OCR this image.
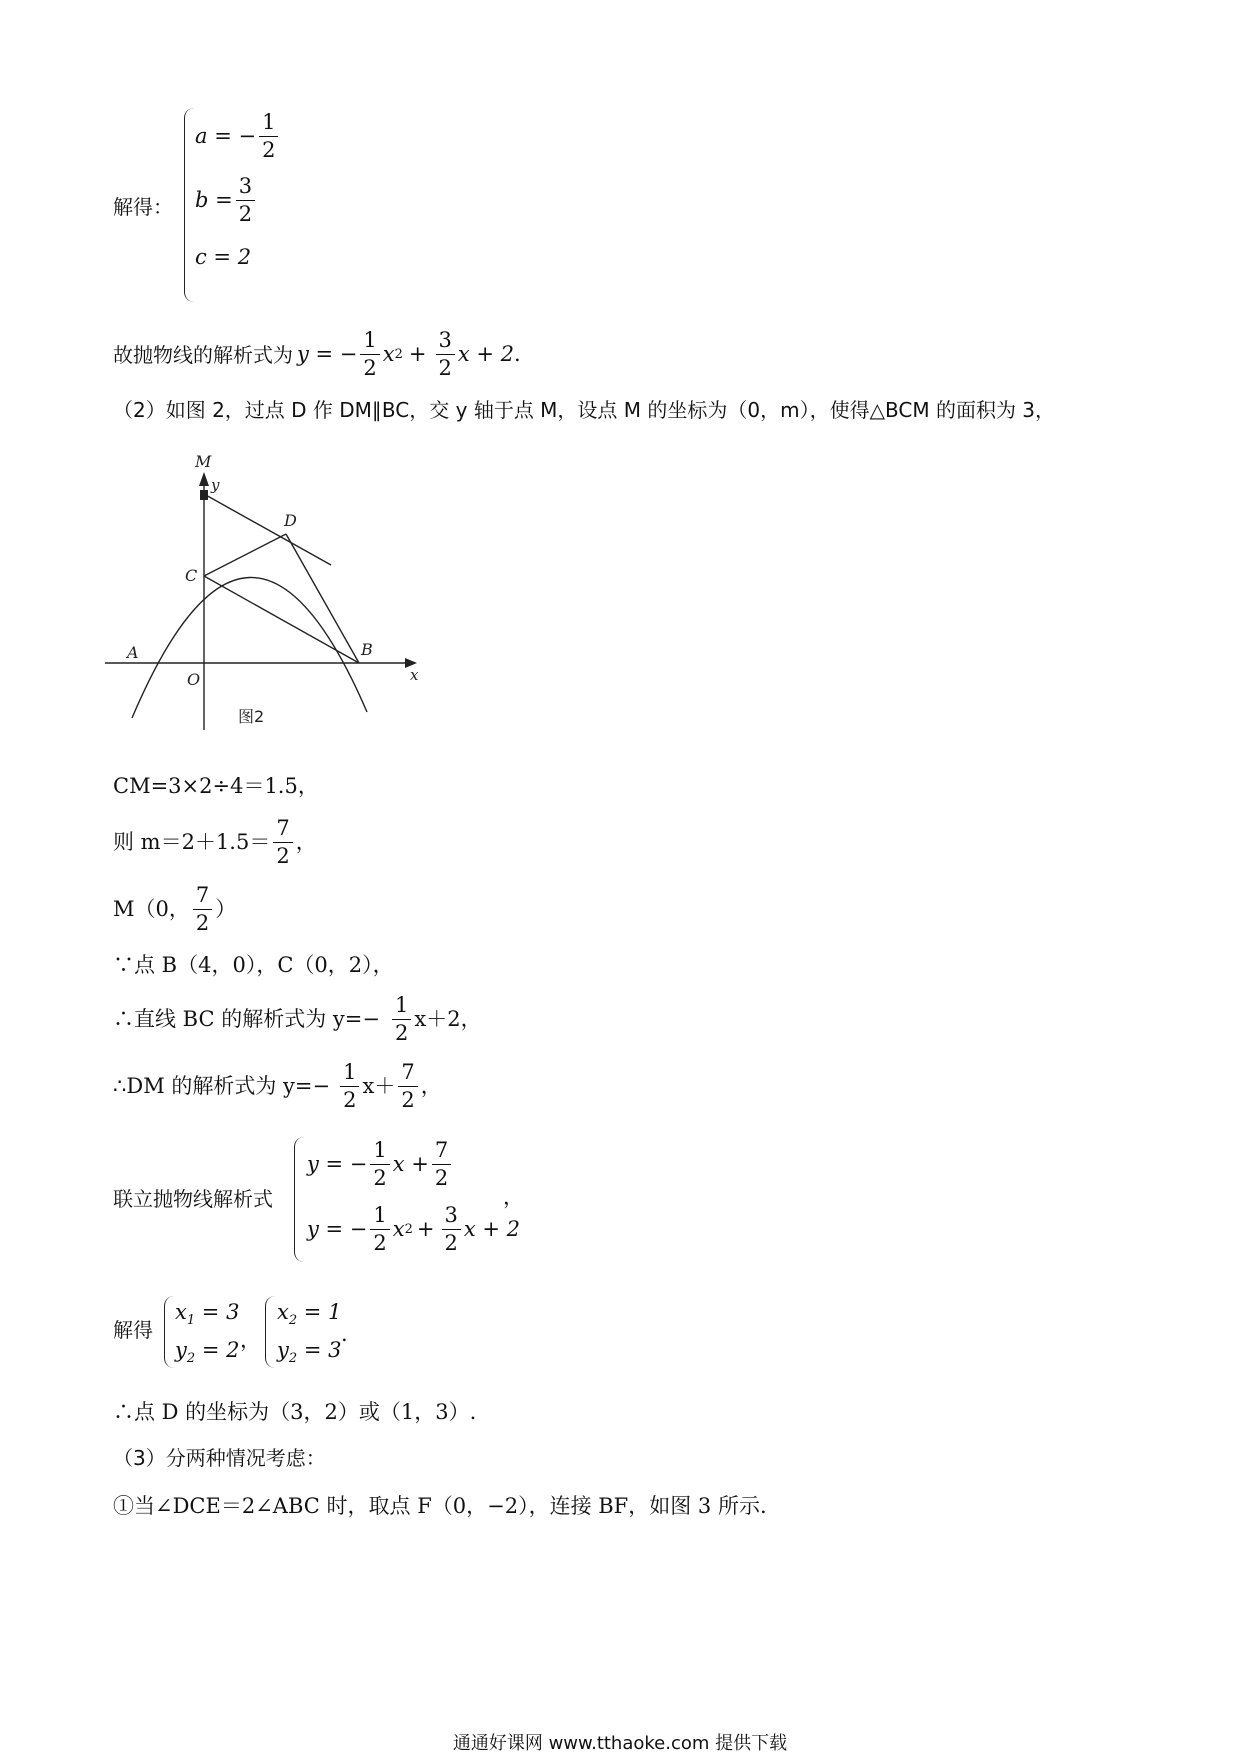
解得：
a = − $\frac{1}{2}$
$b = \frac{3}{2}$
c = 2
故抛物线的解析式为 y = − $\frac{1}{2}$ x $2 + \frac{3}{2}$ x + 2 .
（2）如图 2，过点 D 作 DM∥BC，交 y 轴于点 M，设点 M 的坐标为（0，m），使得△BCM 的面积为 3，
M
y
D
C
B
A
O	x
图2
CM=3×2÷4＝1.5，
则 $m=2+1.5= \frac{7}{2}$ ，
M（0， $\frac{7}{2}$ ）
∵点 B（4，0），C（0，2），
∴直线 BC 的解析式为 $y=- \frac{1}{2} x+2$，
∴DM 的解析式为 $y=- \frac{1}{2} x+ \frac{7}{2}$ ，
联立抛物线解析式
y = − $\frac{1}{2}$ $x + \frac{7}{2}$
y = − $\frac{1}{2}$ x $2 + \frac{3}{2}$ x + 2
，
解得
$x_1 = 3$
$y_2 = 2$ ，
$x_2 = 1$
$y_2 = 3$
.
∴点 D 的坐标为（3，2）或（1，3）.
（3）分两种情况考虑：
①当∠DCE＝2∠ABC 时，取点 F（0，−2），连接 BF，如图 3 所示.
通通好课网 www.tthaoke.com 提供下载
